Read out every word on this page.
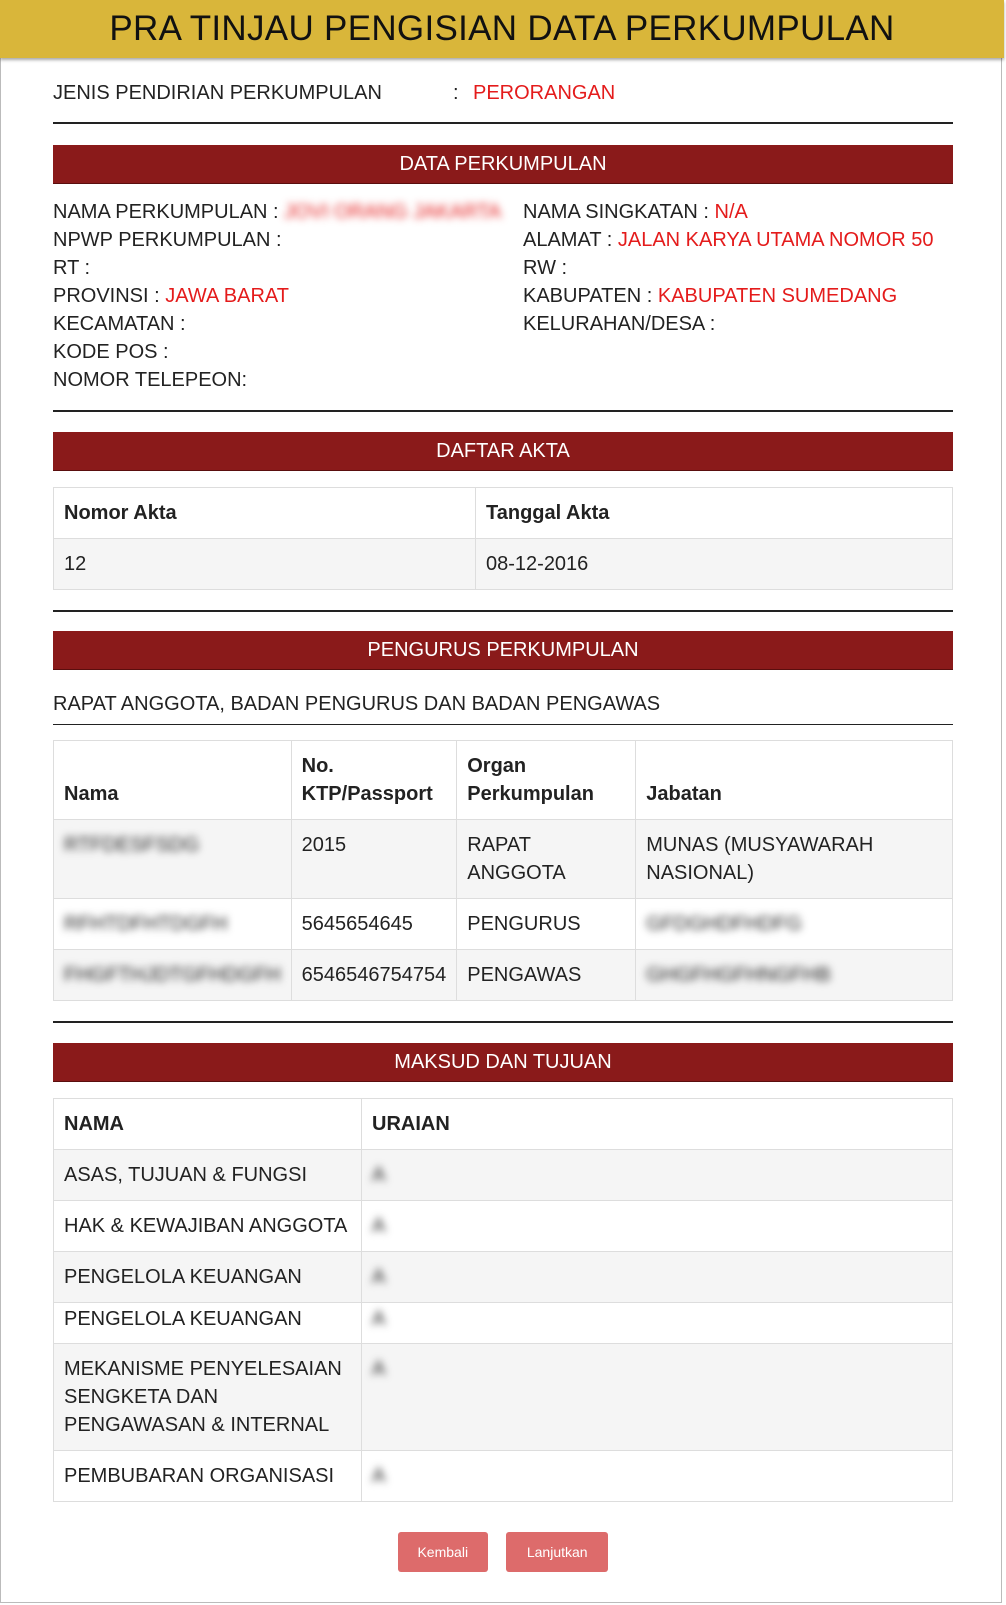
PRA TINJAU PENGISIAN DATA PERKUMPULAN
JENIS PENDIRIAN PERKUMPULAN	: PERORANGAN
DATA PERKUMPULAN
NAMA PERKUMPULAN : JOVI ORANG JAKARTA
NPWP PERKUMPULAN :
RT :
PROVINSI : JAWA BARAT
KECAMATAN :
KODE POS :
NOMOR TELEPEON:
NAMA SINGKATAN : N/A
ALAMAT : JALAN KARYA UTAMA NOMOR 50
RW :
KABUPATEN : KABUPATEN SUMEDANG
KELURAHAN/DESA :
DAFTAR AKTA
Nomor Akta	Tanggal Akta
12	08-12-2016
PENGURUS PERKUMPULAN
RAPAT ANGGOTA, BADAN PENGURUS DAN BADAN PENGAWAS
Nama	No. KTP/Passport	Organ Perkumpulan	Jabatan
RTFDESFSDG	2015	RAPAT ANGGOTA	MUNAS (MUSYAWARAH NASIONAL)
RFHTDFHTDGFH	5645654645	PENGURUS	GFDGHDFHDFG
FHGFTHJDTGFHDGFH	6546546754754	PENGAWAS	GHGFHGFHNGFHB
MAKSUD DAN TUJUAN
NAMA	URAIAN
ASAS, TUJUAN & FUNGSI	A
HAK & KEWAJIBAN ANGGOTA	A
PENGELOLA KEUANGAN	A
PENGELOLA KEUANGAN	A
MEKANISME PENYELESAIAN SENGKETA DAN PENGAWASAN & INTERNAL	A
PEMBUBARAN ORGANISASI	A
Kembali	Lanjutkan
